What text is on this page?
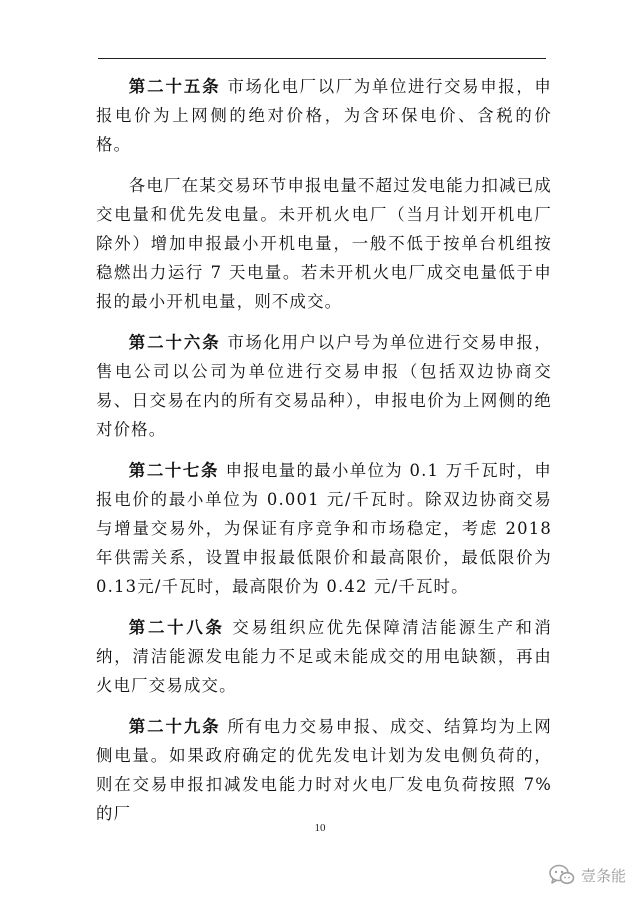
第二十五条 市场化电厂以厂为单位进行交易申报，申报电价为上网侧的绝对价格，为含环保电价、含税的价格。

各电厂在某交易环节申报电量不超过发电能力扣减已成交电量和优先发电量。未开机火电厂（当月计划开机电厂除外）增加申报最小开机电量，一般不低于按单台机组按稳燃出力运行 7 天电量。若未开机火电厂成交电量低于申报的最小开机电量，则不成交。

第二十六条 市场化用户以户号为单位进行交易申报，售电公司以公司为单位进行交易申报（包括双边协商交易、日交易在内的所有交易品种），申报电价为上网侧的绝对价格。

第二十七条 申报电量的最小单位为 0.1 万千瓦时，申报电价的最小单位为 0.001 元/千瓦时。除双边协商交易与增量交易外，为保证有序竞争和市场稳定，考虑 2018 年供需关系，设置申报最低限价和最高限价，最低限价为 0.13元/千瓦时，最高限价为 0.42 元/千瓦时。

第二十八条 交易组织应优先保障清洁能源生产和消纳，清洁能源发电能力不足或未能成交的用电缺额，再由火电厂交易成交。

第二十九条 所有电力交易申报、成交、结算均为上网侧电量。如果政府确定的优先发电计划为发电侧负荷的，则在交易申报扣减发电能力时对火电厂发电负荷按照 7%的厂

10
壹条能
